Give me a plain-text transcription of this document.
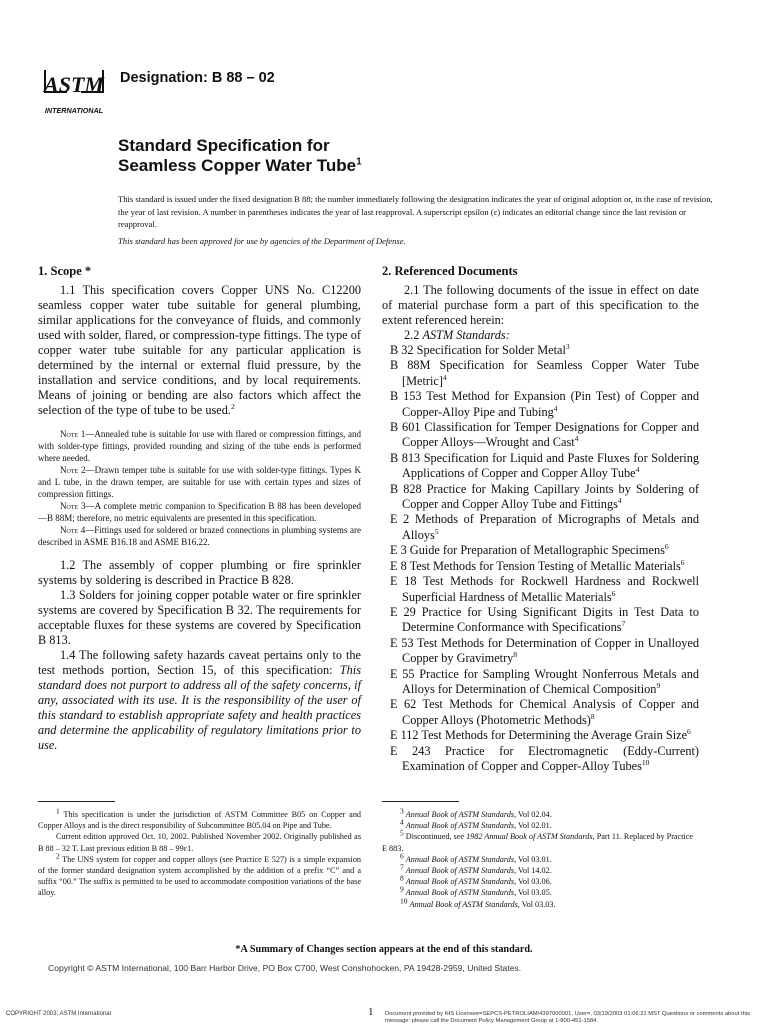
ASTM
INTERNATIONAL
Designation: B 88 – 02
Standard Specification for
Seamless Copper Water Tube$^1$

This standard is issued under the fixed designation B 88; the number immediately following the designation indicates the year of original adoption or, in the case of revision, the year of last revision. A number in parentheses indicates the year of last reapproval. A superscript epsilon (ε) indicates an editorial change since the last revision or reapproval.

This standard has been approved for use by agencies of the Department of Defense.

1. Scope *

1.1 This specification covers Copper UNS No. C12200 seamless copper water tube suitable for general plumbing, similar applications for the conveyance of fluids, and commonly used with solder, flared, or compression-type fittings. The type of copper water tube suitable for any particular application is determined by the internal or external fluid pressure, by the installation and service conditions, and by local requirements. Means of joining or bending are also factors which affect the selection of the type of tube to be used.$^2$

Note 1—Annealed tube is suitable for use with flared or compression fittings, and with solder-type fittings, provided rounding and sizing of the tube ends is performed where needed.

Note 2—Drawn temper tube is suitable for use with solder-type fittings. Types K and L tube, in the drawn temper, are suitable for use with certain types and sizes of compression fittings.

Note 3—A complete metric companion to Specification B 88 has been developed—B 88M; therefore, no metric equivalents are presented in this specification.

Note 4—Fittings used for soldered or brazed connections in plumbing systems are described in ASME B16.18 and ASME B16.22.

1.2 The assembly of copper plumbing or fire sprinkler systems by soldering is described in Practice B 828.

1.3 Solders for joining copper potable water or fire sprinkler systems are covered by Specification B 32. The requirements for acceptable fluxes for these systems are covered by Specification B 813.

1.4 The following safety hazards caveat pertains only to the test methods portion, Section 15, of this specification: This standard does not purport to address all of the safety concerns, if any, associated with its use. It is the responsibility of the user of this standard to establish appropriate safety and health practices and determine the applicability of regulatory limitations prior to use.

2. Referenced Documents

2.1 The following documents of the issue in effect on date of material purchase form a part of this specification to the extent referenced herein:

2.2 ASTM Standards:

B 32 Specification for Solder Metal$^3$
B 88M Specification for Seamless Copper Water Tube [Metric]$^4$
B 153 Test Method for Expansion (Pin Test) of Copper and Copper-Alloy Pipe and Tubing$^4$
B 601 Classification for Temper Designations for Copper and Copper Alloys—Wrought and Cast$^4$
B 813 Specification for Liquid and Paste Fluxes for Soldering Applications of Copper and Copper Alloy Tube$^4$
B 828 Practice for Making Capillary Joints by Soldering of Copper and Copper Alloy Tube and Fittings$^4$
E 2 Methods of Preparation of Micrographs of Metals and Alloys$^5$
E 3 Guide for Preparation of Metallographic Specimens$^6$
E 8 Test Methods for Tension Testing of Metallic Materials$^6$
E 18 Test Methods for Rockwell Hardness and Rockwell Superficial Hardness of Metallic Materials$^6$
E 29 Practice for Using Significant Digits in Test Data to Determine Conformance with Specifications$^7$
E 53 Test Methods for Determination of Copper in Unalloyed Copper by Gravimetry$^8$
E 55 Practice for Sampling Wrought Nonferrous Metals and Alloys for Determination of Chemical Composition$^9$
E 62 Test Methods for Chemical Analysis of Copper and Copper Alloys (Photometric Methods)$^8$
E 112 Test Methods for Determining the Average Grain Size$^6$
E 243 Practice for Electromagnetic (Eddy-Current) Examination of Copper and Copper-Alloy Tubes$^{10}$

$^1$ This specification is under the jurisdiction of ASTM Committee B05 on Copper and Copper Alloys and is the direct responsibility of Subcommittee B05.04 on Pipe and Tube.

Current edition approved Oct. 10, 2002. Published November 2002. Originally published as B 88 – 32 T. Last previous edition B 88 – 99ε1.

$^2$ The UNS system for copper and copper alloys (see Practice E 527) is a simple expansion of the former standard designation system accomplished by the addition of a prefix “C” and a suffix “00.” The suffix is permitted to be used to accommodate composition variations of the base alloy.

$^3$ Annual Book of ASTM Standards, Vol 02.04.

$^4$ Annual Book of ASTM Standards, Vol 02.01.

$^5$ Discontinued, see 1982 Annual Book of ASTM Standards, Part 11. Replaced by Practice E 883.

$^6$ Annual Book of ASTM Standards, Vol 03.01.

$^7$ Annual Book of ASTM Standards, Vol 14.02.

$^8$ Annual Book of ASTM Standards, Vol 03.06.

$^9$ Annual Book of ASTM Standards, Vol 03.05.

$^{10}$ Annual Book of ASTM Standards, Vol 03.03.

*A Summary of Changes section appears at the end of this standard.
Copyright © ASTM International, 100 Barr Harbor Drive, PO Box C700, West Conshohocken, PA 19428-2959, United States.
COPYRIGHT 2003; ASTM International	1 Document provided by IHS Licensee=SEPCS-PETROLIAM/4397000001, User=, 03/19/2003 01:06:21 MST Questions or comments about this message: please call the Document Policy Management Group at 1-800-451-1584.
